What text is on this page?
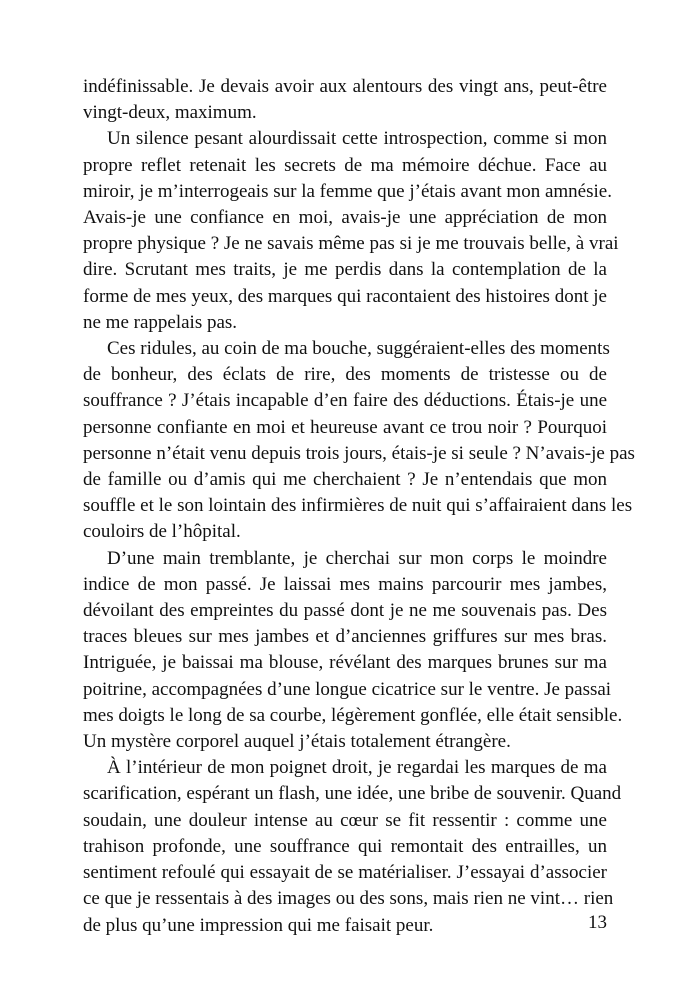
indéfinissable. Je devais avoir aux alentours des vingt ans, peut-être
vingt-deux, maximum.
Un silence pesant alourdissait cette introspection, comme si mon
propre reflet retenait les secrets de ma mémoire déchue. Face au
miroir, je m’interrogeais sur la femme que j’étais avant mon amnésie.
Avais-je une confiance en moi, avais-je une appréciation de mon
propre physique ? Je ne savais même pas si je me trouvais belle, à vrai
dire. Scrutant mes traits, je me perdis dans la contemplation de la
forme de mes yeux, des marques qui racontaient des histoires dont je
ne me rappelais pas.
Ces ridules, au coin de ma bouche, suggéraient-elles des moments
de bonheur, des éclats de rire, des moments de tristesse ou de
souffrance ? J’étais incapable d’en faire des déductions. Étais-je une
personne confiante en moi et heureuse avant ce trou noir ? Pourquoi
personne n’était venu depuis trois jours, étais-je si seule ? N’avais-je pas
de famille ou d’amis qui me cherchaient ? Je n’entendais que mon
souffle et le son lointain des infirmières de nuit qui s’affairaient dans les
couloirs de l’hôpital.
D’une main tremblante, je cherchai sur mon corps le moindre
indice de mon passé. Je laissai mes mains parcourir mes jambes,
dévoilant des empreintes du passé dont je ne me souvenais pas. Des
traces bleues sur mes jambes et d’anciennes griffures sur mes bras.
Intriguée, je baissai ma blouse, révélant des marques brunes sur ma
poitrine, accompagnées d’une longue cicatrice sur le ventre. Je passai
mes doigts le long de sa courbe, légèrement gonflée, elle était sensible.
Un mystère corporel auquel j’étais totalement étrangère.
À l’intérieur de mon poignet droit, je regardai les marques de ma
scarification, espérant un flash, une idée, une bribe de souvenir. Quand
soudain, une douleur intense au cœur se fit ressentir : comme une
trahison profonde, une souffrance qui remontait des entrailles, un
sentiment refoulé qui essayait de se matérialiser. J’essayai d’associer
ce que je ressentais à des images ou des sons, mais rien ne vint… rien
de plus qu’une impression qui me faisait peur.	13
